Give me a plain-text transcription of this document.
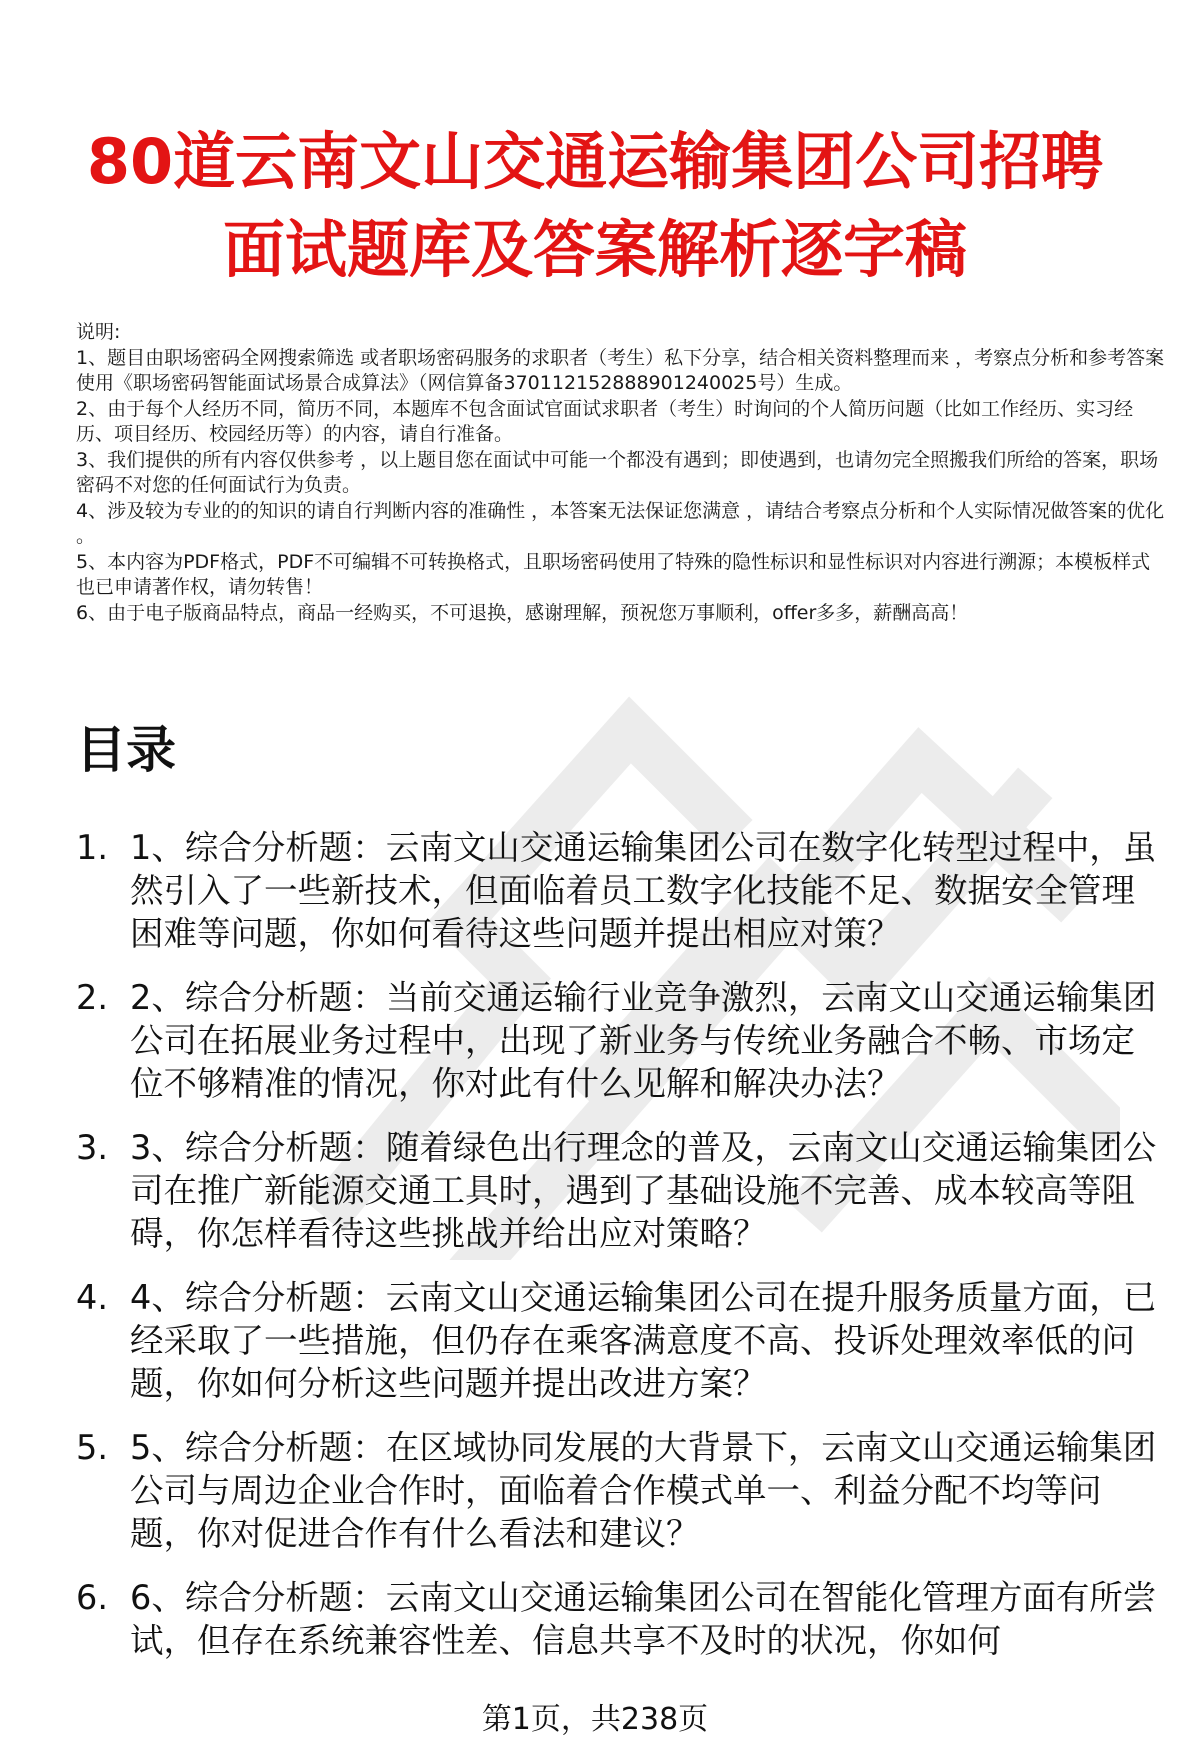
80道云南文山交通运输集团公司招聘面试题库及答案解析逐字稿

说明:

1、题目由职场密码全网搜索筛选 或者职场密码服务的求职者（考生）私下分享，结合相关资料整理而来 ，考察点分析和参考答案使用《职场密码智能面试场景合成算法》（网信算备370112152888901240025号）生成。

2、由于每个人经历不同，简历不同，本题库不包含面试官面试求职者（考生）时询问的个人简历问题（比如工作经历、实习经历、项目经历、校园经历等）的内容，请自行准备。

3、我们提供的所有内容仅供参考 ，以上题目您在面试中可能一个都没有遇到；即使遇到，也请勿完全照搬我们所给的答案，职场密码不对您的任何面试行为负责。

4、涉及较为专业的的知识的请自行判断内容的准确性 ，本答案无法保证您满意 ，请结合考察点分析和个人实际情况做答案的优化 。

5、本内容为PDF格式，PDF不可编辑不可转换格式，且职场密码使用了特殊的隐性标识和显性标识对内容进行溯源；本模板样式也已申请著作权，请勿转售！

6、由于电子版商品特点，商品一经购买，不可退换，感谢理解，预祝您万事顺利，offer多多，薪酬高高！

目录
1. 1、综合分析题：云南文山交通运输集团公司在数字化转型过程中，虽然引入了一些新技术，但面临着员工数字化技能不足、数据安全管理困难等问题，你如何看待这些问题并提出相应对策？
2. 2、综合分析题：当前交通运输行业竞争激烈，云南文山交通运输集团公司在拓展业务过程中，出现了新业务与传统业务融合不畅、市场定位不够精准的情况，你对此有什么见解和解决办法？
3. 3、综合分析题：随着绿色出行理念的普及，云南文山交通运输集团公司在推广新能源交通工具时，遇到了基础设施不完善、成本较高等阻碍，你怎样看待这些挑战并给出应对策略？
4. 4、综合分析题：云南文山交通运输集团公司在提升服务质量方面，已经采取了一些措施，但仍存在乘客满意度不高、投诉处理效率低的问题，你如何分析这些问题并提出改进方案？
5. 5、综合分析题：在区域协同发展的大背景下，云南文山交通运输集团公司与周边企业合作时，面临着合作模式单一、利益分配不均等问题，你对促进合作有什么看法和建议？
6. 6、综合分析题：云南文山交通运输集团公司在智能化管理方面有所尝试，但存在系统兼容性差、信息共享不及时的状况，你如何
第1页，共238页
